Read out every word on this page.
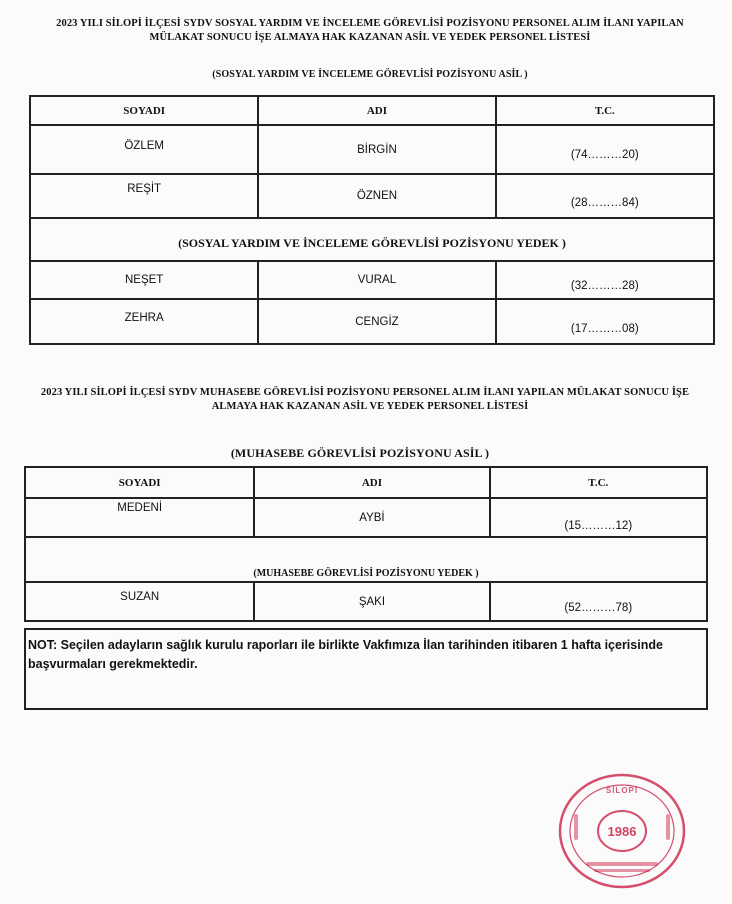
2023 YILI SİLOPİ İLÇESİ SYDV SOSYAL YARDIM VE İNCELEME GÖREVLİSİ POZİSYONU PERSONEL ALIM İLANI YAPILAN
MÜLAKAT SONUCU İŞE ALMAYA HAK KAZANAN ASİL VE YEDEK PERSONEL LİSTESİ
(SOSYAL YARDIM VE İNCELEME GÖREVLİSİ POZİSYONU ASİL )
SOYADI	ADI	T.C.
ÖZLEM	BİRGİN	(74………20)
REŞİT	ÖZNEN	(28………84)
(SOSYAL YARDIM VE İNCELEME GÖREVLİSİ POZİSYONU YEDEK )		
NEŞET	VURAL	(32………28)
ZEHRA	CENGİZ	(17………08)
2023 YILI SİLOPİ İLÇESİ SYDV MUHASEBE GÖREVLİSİ POZİSYONU PERSONEL ALIM İLANI YAPILAN MÜLAKAT SONUCU İŞE
ALMAYA HAK KAZANAN ASİL VE YEDEK PERSONEL LİSTESİ
(MUHASEBE GÖREVLİSİ POZİSYONU ASİL )
SOYADI	ADI	T.C.
MEDENİ	AYBİ	(15………12)
(MUHASEBE GÖREVLİSİ POZİSYONU YEDEK )		
SUZAN	ŞAKI	(52………78)
NOT: Seçilen adayların sağlık kurulu raporları ile birlikte Vakfımıza İlan tarihinden itibaren 1 hafta içerisinde başvurmaları gerekmektedir.
1986
SİLOPİ
